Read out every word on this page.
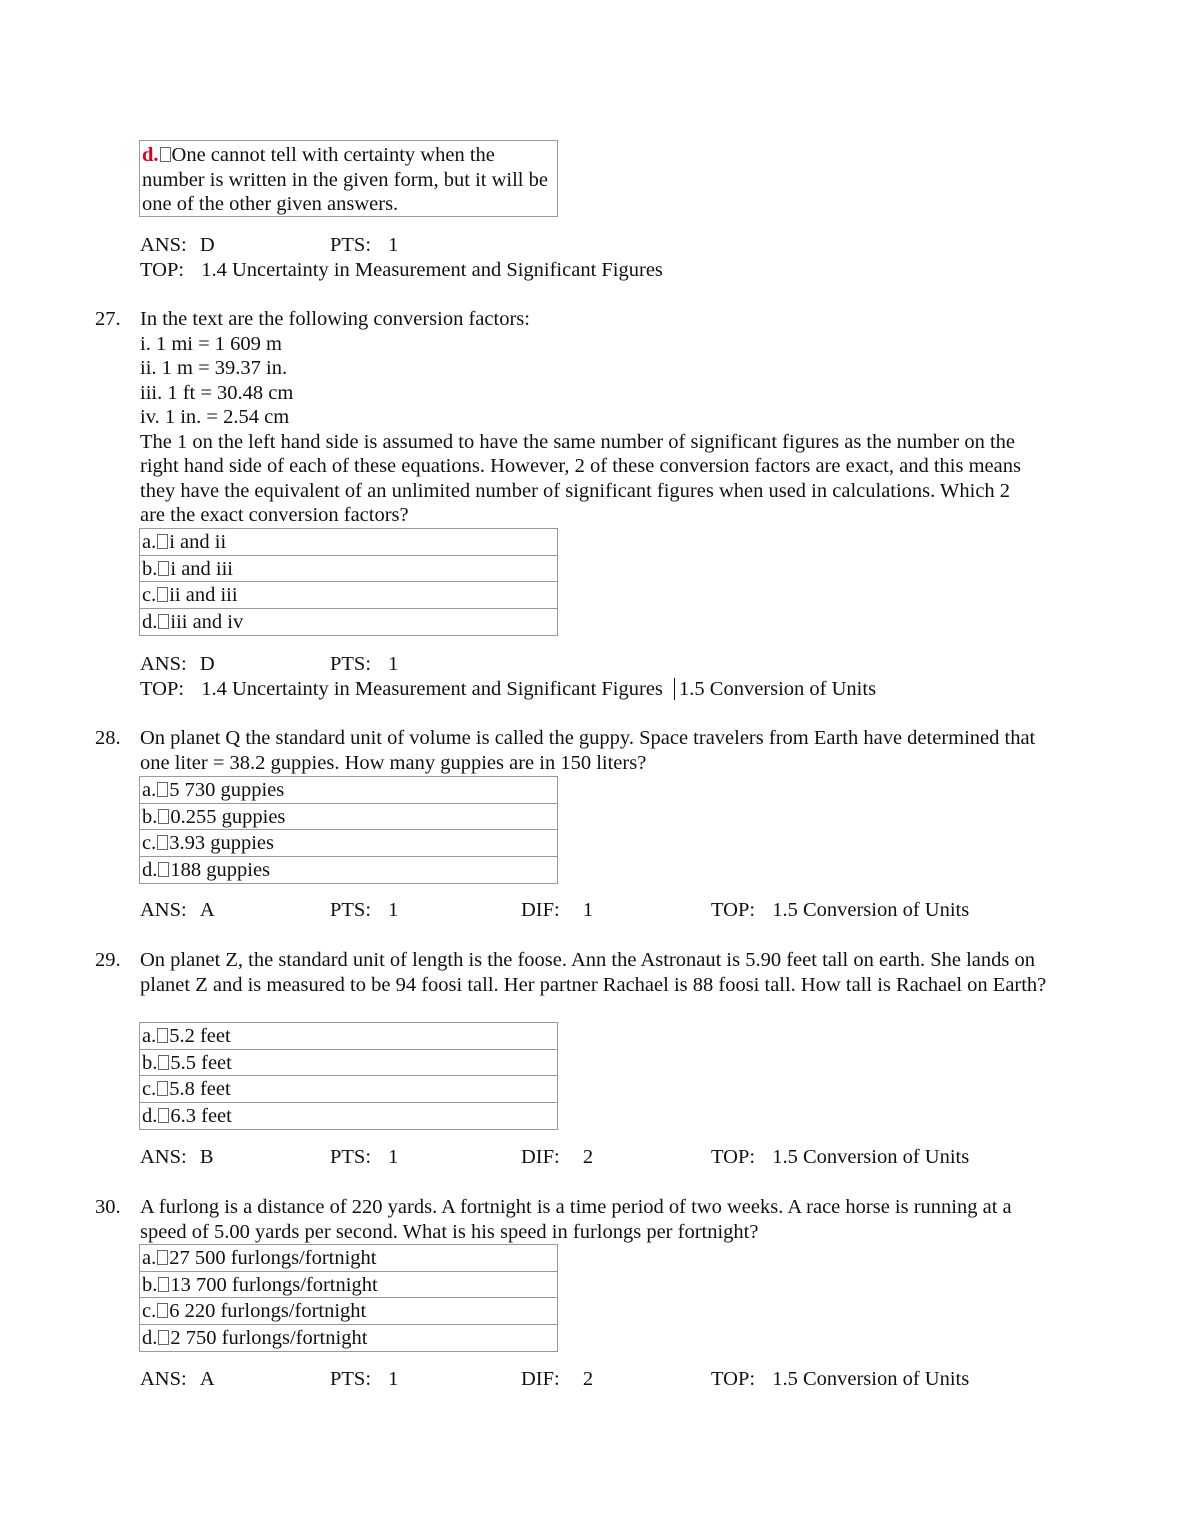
d. One cannot tell with certainty when the number is written in the given form, but it will be one of the other given answers.
ANS: D	PTS: 1
TOP: 1.4 Uncertainty in Measurement and Significant Figures
27. In the text are the following conversion factors:
i. 1 mi = 1 609 m
ii. 1 m = 39.37 in.
iii. 1 ft = 30.48 cm
iv. 1 in. = 2.54 cm
The 1 on the left hand side is assumed to have the same number of significant figures as the number on the right hand side of each of these equations. However, 2 of these conversion factors are exact, and this means they have the equivalent of an unlimited number of significant figures when used in calculations. Which 2 are the exact conversion factors?
a. i and ii
b. i and iii
c. ii and iii
d. iii and iv
ANS: D	PTS: 1
TOP: 1.4 Uncertainty in Measurement and Significant Figures 1.5 Conversion of Units
28. On planet Q the standard unit of volume is called the guppy. Space travelers from Earth have determined that one liter = 38.2 guppies. How many guppies are in 150 liters?
a. 5 730 guppies
b. 0.255 guppies
c. 3.93 guppies
d. 188 guppies
ANS: A	PTS: 1	DIF: 1	TOP: 1.5 Conversion of Units
29. On planet Z, the standard unit of length is the foose. Ann the Astronaut is 5.90 feet tall on earth. She lands on planet Z and is measured to be 94 foosi tall. Her partner Rachael is 88 foosi tall. How tall is Rachael on Earth?
a. 5.2 feet
b. 5.5 feet
c. 5.8 feet
d. 6.3 feet
ANS: B	PTS: 1	DIF: 2	TOP: 1.5 Conversion of Units
30. A furlong is a distance of 220 yards. A fortnight is a time period of two weeks. A race horse is running at a speed of 5.00 yards per second. What is his speed in furlongs per fortnight?
a. 27 500 furlongs/fortnight
b. 13 700 furlongs/fortnight
c. 6 220 furlongs/fortnight
d. 2 750 furlongs/fortnight
ANS: A	PTS: 1	DIF: 2	TOP: 1.5 Conversion of Units
